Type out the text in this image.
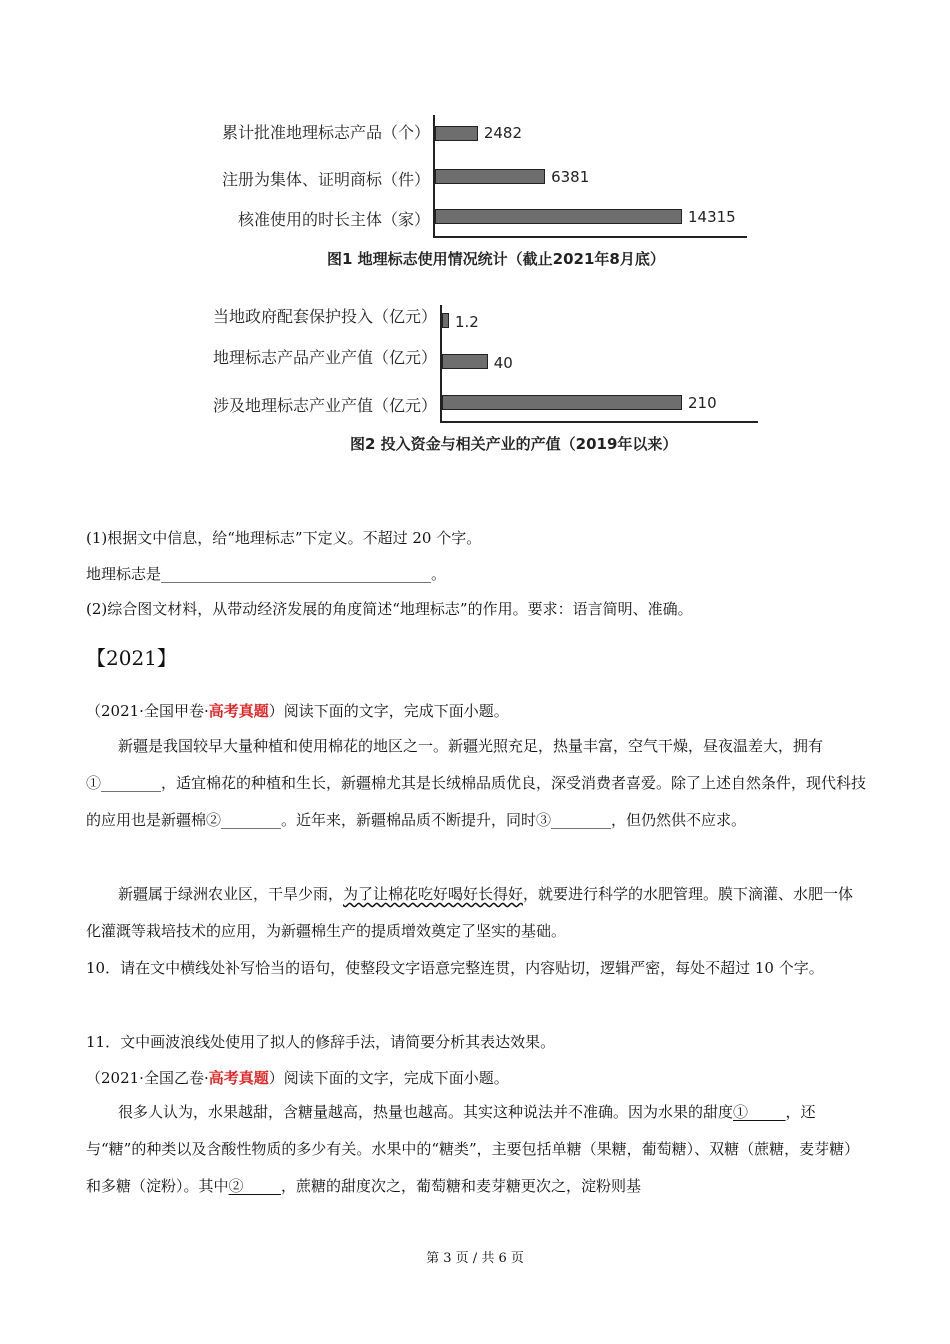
累计批准地理标志产品（个）
注册为集体、证明商标（件）
核准使用的时长主体（家）
2482
6381
14315
图1 地理标志使用情况统计（截止2021年8月底）
当地政府配套保护投入（亿元）
地理标志产品产业产值（亿元）
涉及地理标志产业产值（亿元）
1.2
40
210
图2 投入资金与相关产业的产值（2019年以来）
(1)根据文中信息，给“地理标志”下定义。不超过 20 个字。
地理标志是____________________________________。
(2)综合图文材料，从带动经济发展的角度简述“地理标志”的作用。要求：语言简明、准确。
【2021】
（2021·全国甲卷·高考真题）阅读下面的文字，完成下面小题。
新疆是我国较早大量种植和使用棉花的地区之一。新疆光照充足，热量丰富，空气干燥，昼夜温差大，拥有①________，适宜棉花的种植和生长，新疆棉尤其是长绒棉品质优良，深受消费者喜爱。除了上述自然条件，现代科技的应用也是新疆棉②________。近年来，新疆棉品质不断提升，同时③________，但仍然供不应求。
新疆属于绿洲农业区，干旱少雨，为了让棉花吃好喝好长得好，就要进行科学的水肥管理。膜下滴灌、水肥一体化灌溉等栽培技术的应用，为新疆棉生产的提质增效奠定了坚实的基础。
10．请在文中横线处补写恰当的语句，使整段文字语意完整连贯，内容贴切，逻辑严密，每处不超过 10 个字。
11．文中画波浪线处使用了拟人的修辞手法，请简要分析其表达效果。
（2021·全国乙卷·高考真题）阅读下面的文字，完成下面小题。
很多人认为，水果越甜，含糖量越高，热量也越高。其实这种说法并不准确。因为水果的甜度①_____，还与“糖”的种类以及含酸性物质的多少有关。水果中的“糖类”，主要包括单糖（果糖，葡萄糖）、双糖（蔗糖，麦芽糖）和多糖（淀粉）。其中②_____，蔗糖的甜度次之，葡萄糖和麦芽糖更次之，淀粉则基
第 3 页 / 共 6 页
